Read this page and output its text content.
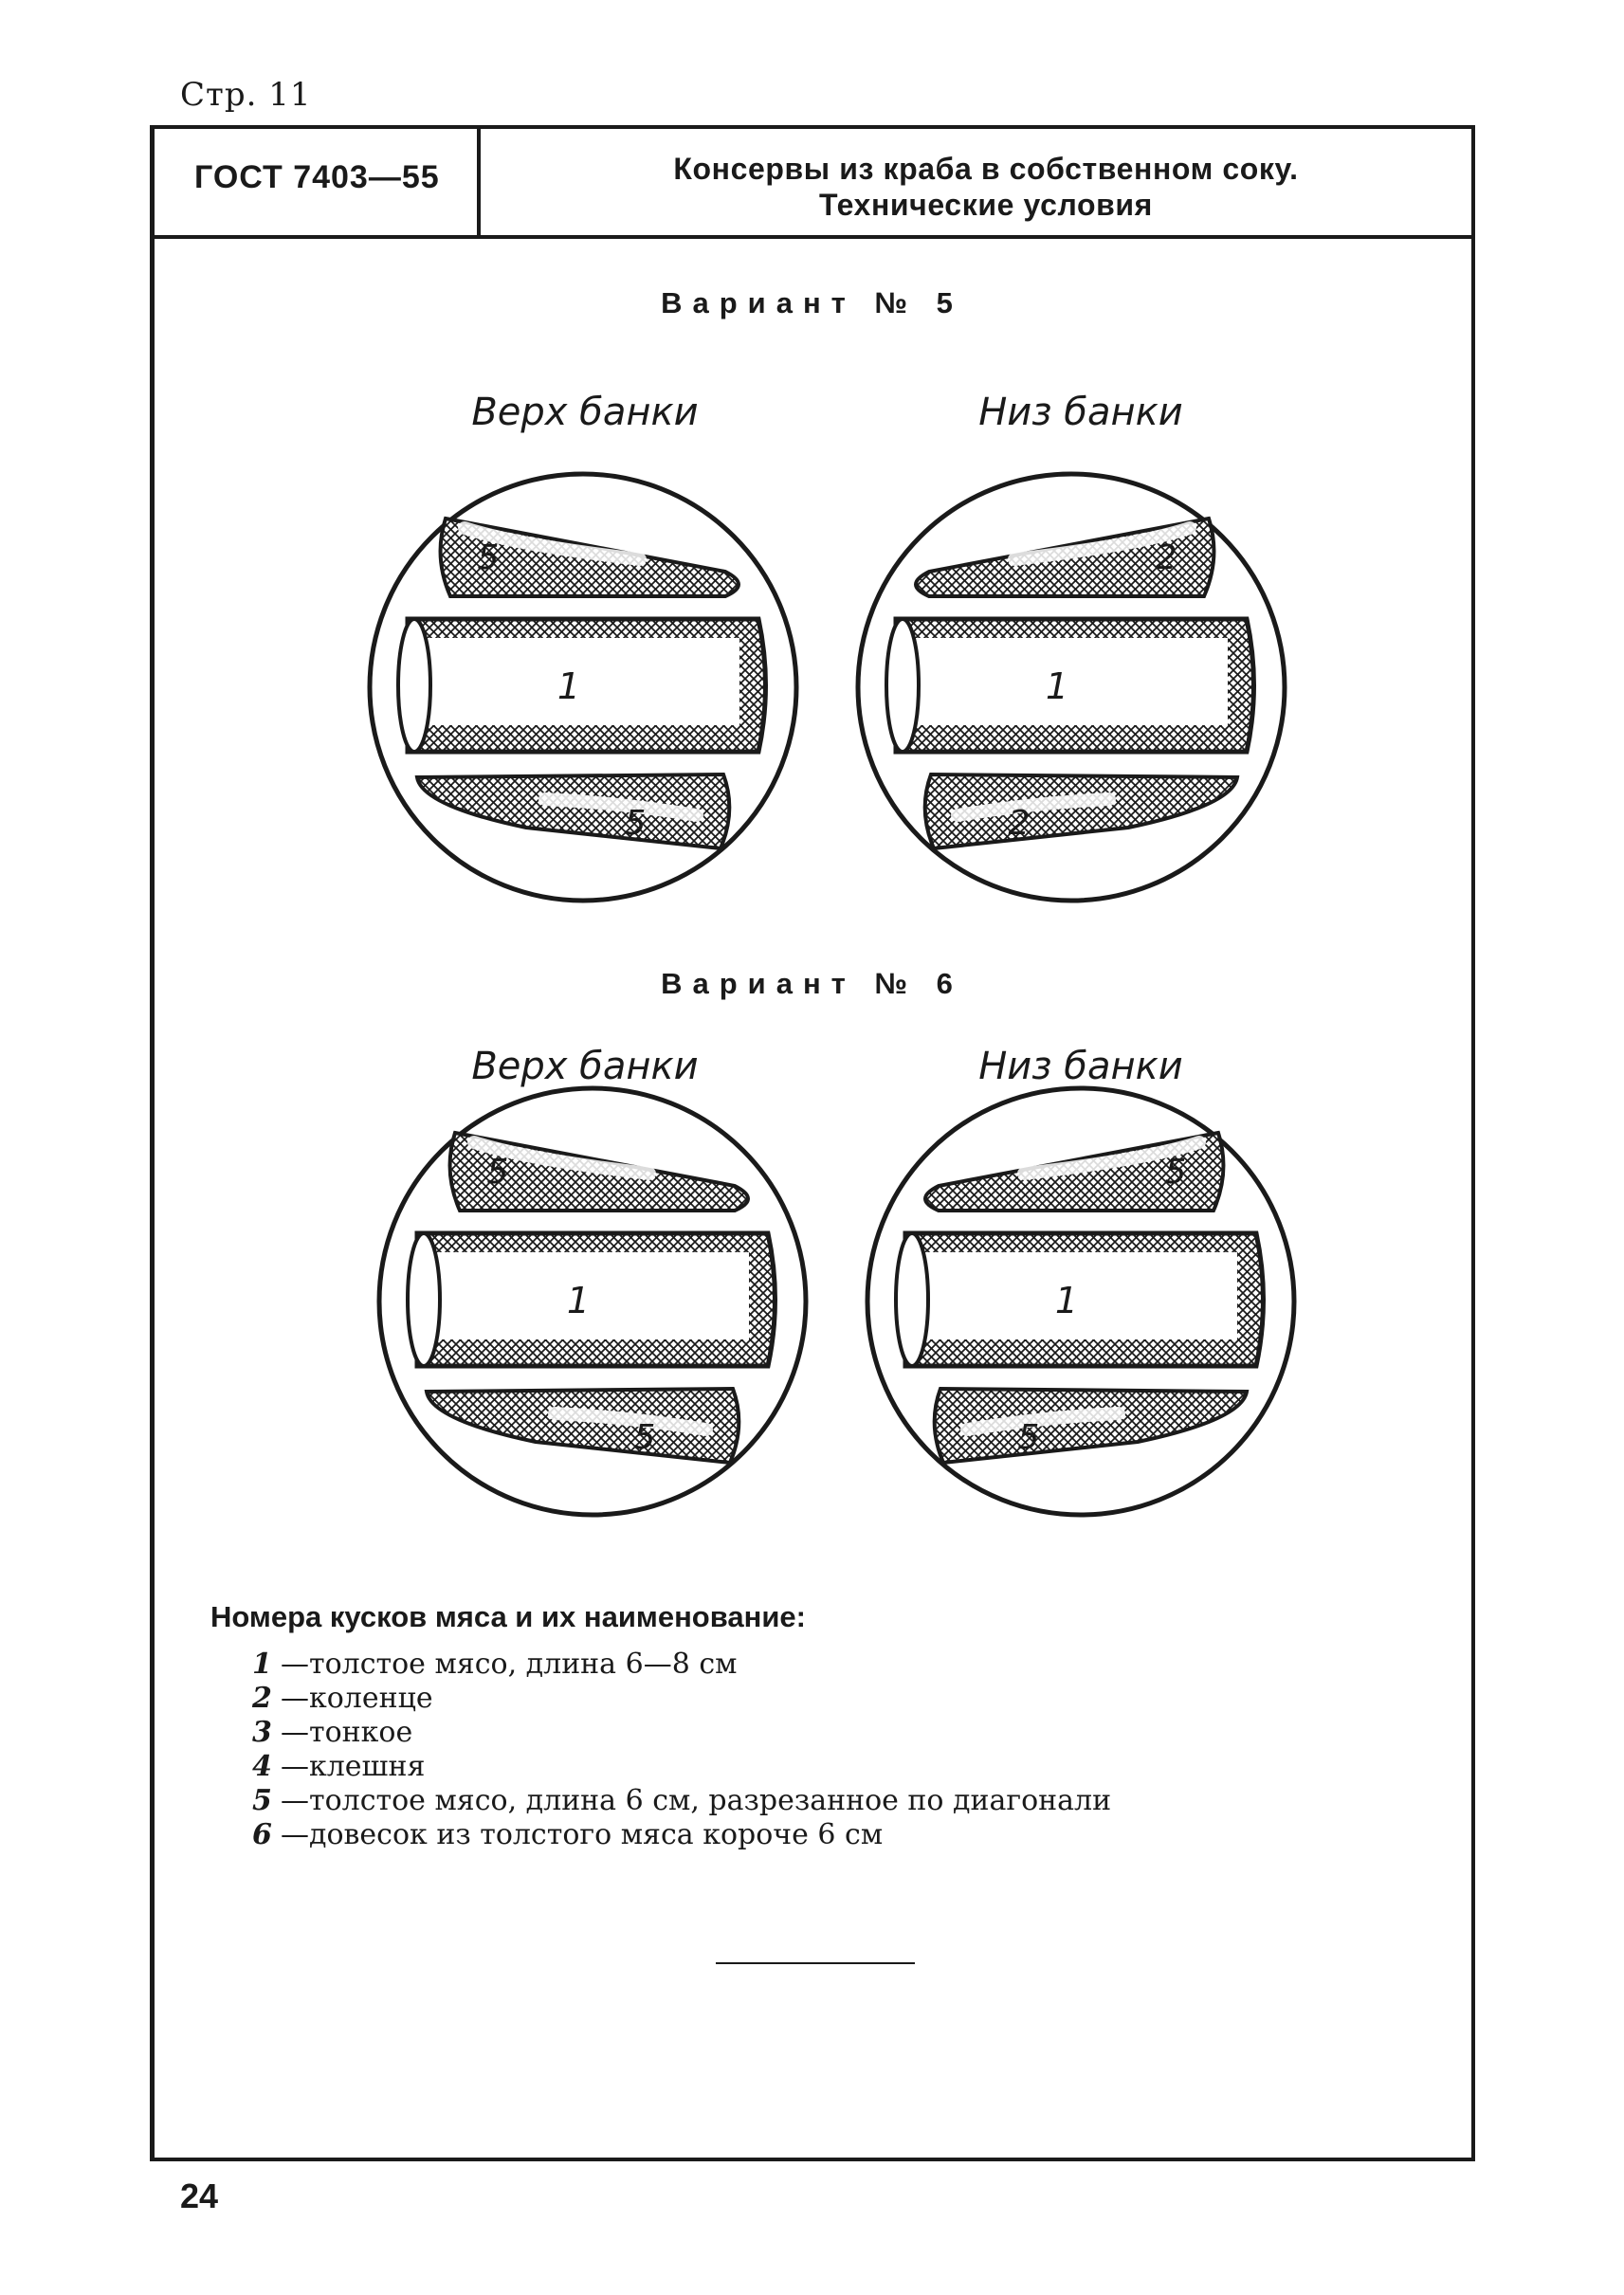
Стр. 11
ГОСТ 7403—55	Консервы из краба в собственном соку.
Технические условия
Вариант № 5
Верх банки	Низ банки
Вариант № 6
Верх банки	Низ банки
5
1
5
2
1
2
5
1
5
5
1
5
Номера кусков мяса и их наименование:
1 —толстое мясо, длина 6—8 см
2 —коленце
3 —тонкое
4 —клешня
5 —толстое мясо, длина 6 см, разрезанное по диагонали
6 —довесок из толстого мяса короче 6 см
24
